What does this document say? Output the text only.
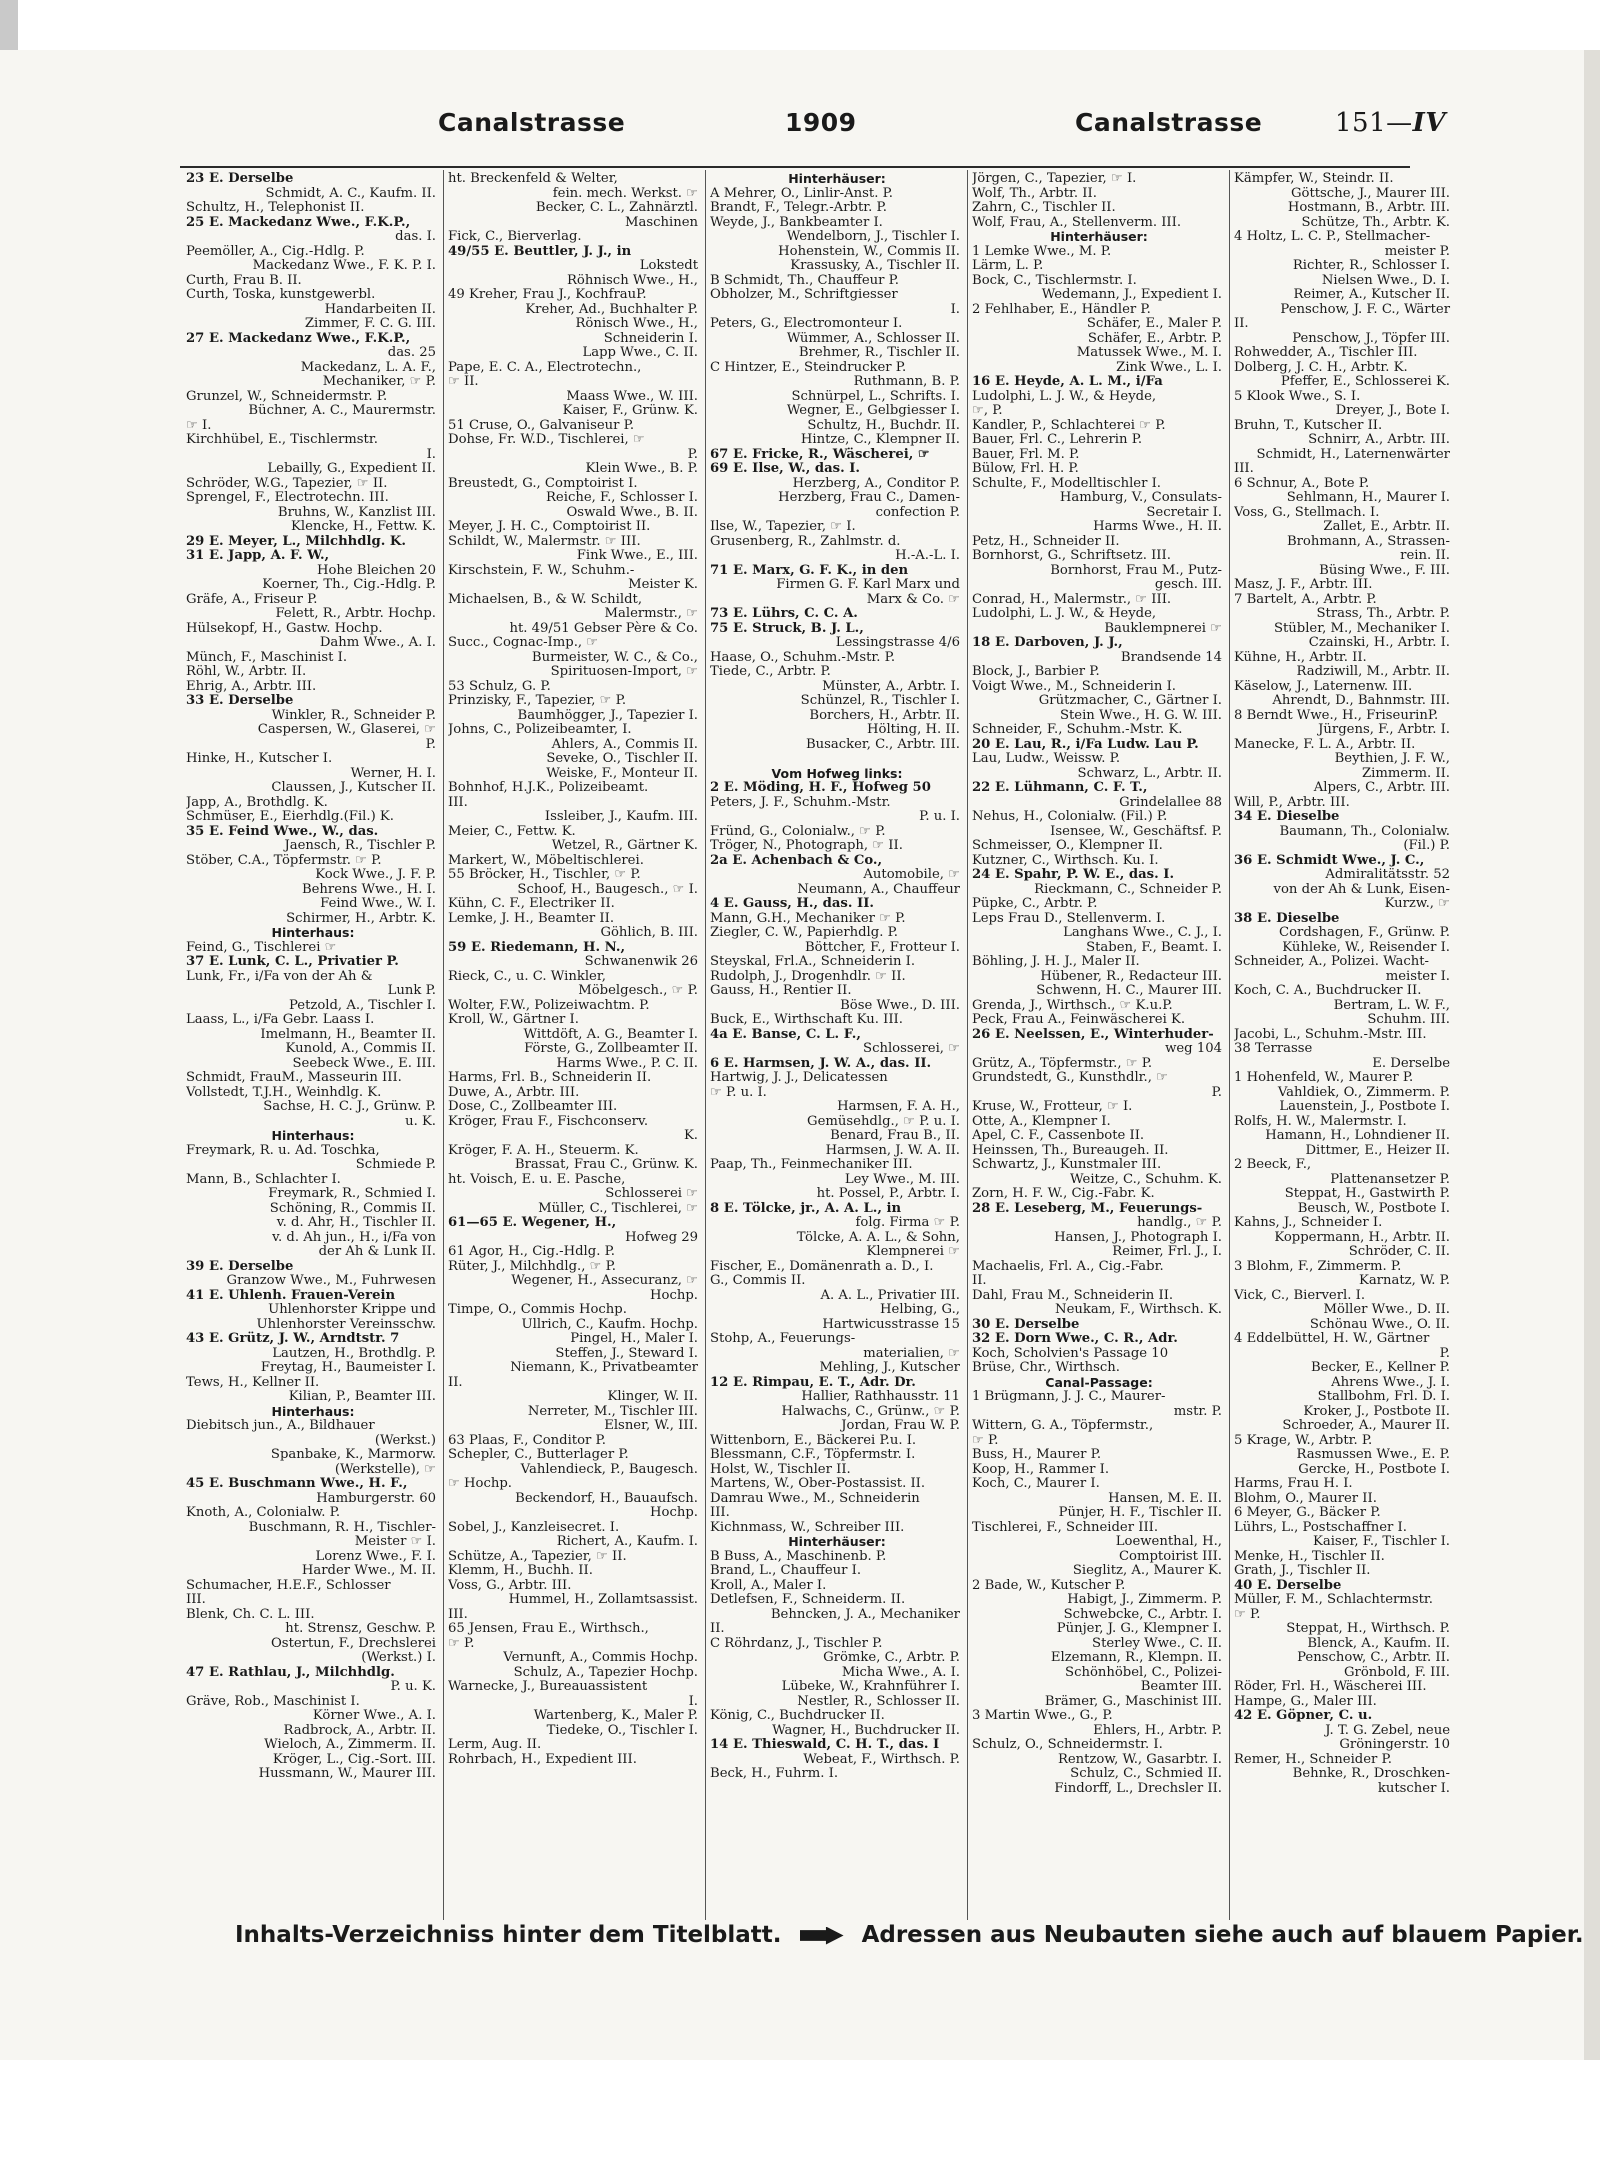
Canalstrasse	1909	Canalstrasse	151—IV
23 E. Derselbe
Schmidt, A. C., Kaufm. II.
Schultz, H., Telephonist II.
25 E. Mackedanz Wwe., F.K.P.,
das. I.
Peemöller, A., Cig.-Hdlg. P.
Mackedanz Wwe., F. K. P. I.
Curth, Frau B. II.
Curth, Toska, kunstgewerbl.
Handarbeiten II.
Zimmer, F. C. G. III.
27 E. Mackedanz Wwe., F.K.P.,
das. 25
Mackedanz, L. A. F.,
Mechaniker, ☞ P.
Grunzel, W., Schneidermstr. P.
Büchner, A. C., Maurermstr.
☞ I.
Kirchhübel, E., Tischlermstr.
I.
Lebailly, G., Expedient II.
Schröder, W.G., Tapezier, ☞ II.
Sprengel, F., Electrotechn. III.
Bruhns, W., Kanzlist III.
Klencke, H., Fettw. K.
29 E. Meyer, L., Milchhdlg. K.
31 E. Japp, A. F. W.,
Hohe Bleichen 20
Koerner, Th., Cig.-Hdlg. P.
Gräfe, A., Friseur P.
Felett, R., Arbtr. Hochp.
Hülsekopf, H., Gastw. Hochp.
Dahm Wwe., A. I.
Münch, F., Maschinist I.
Röhl, W., Arbtr. II.
Ehrig, A., Arbtr. III.
33 E. Derselbe
Winkler, R., Schneider P.
Caspersen, W., Glaserei, ☞
P.
Hinke, H., Kutscher I.
Werner, H. I.
Claussen, J., Kutscher II.
Japp, A., Brothdlg. K.
Schmüser, E., Eierhdlg.(Fil.) K.
35 E. Feind Wwe., W., das.
Jaensch, R., Tischler P.
Stöber, C.A., Töpfermstr. ☞ P.
Kock Wwe., J. F. P.
Behrens Wwe., H. I.
Feind Wwe., W. I.
Schirmer, H., Arbtr. K.
Hinterhaus:
Feind, G., Tischlerei ☞
37 E. Lunk, C. L., Privatier P.
Lunk, Fr., i/Fa von der Ah &
Lunk P.
Petzold, A., Tischler I.
Laass, L., i/Fa Gebr. Laass I.
Imelmann, H., Beamter II.
Kunold, A., Commis II.
Seebeck Wwe., E. III.
Schmidt, FrauM., Masseurin III.
Vollstedt, T.J.H., Weinhdlg. K.
Sachse, H. C. J., Grünw. P.
u. K.
Hinterhaus:
Freymark, R. u. Ad. Toschka,
Schmiede P.
Mann, B., Schlachter I.
Freymark, R., Schmied I.
Schöning, R., Commis II.
v. d. Ahr, H., Tischler II.
v. d. Ah jun., H., i/Fa von
der Ah & Lunk II.
39 E. Derselbe
Granzow Wwe., M., Fuhrwesen
41 E. Uhlenh. Frauen-Verein
Uhlenhorster Krippe und
Uhlenhorster Vereinsschw.
43 E. Grütz, J. W., Arndtstr. 7
Lautzen, H., Brothdlg. P.
Freytag, H., Baumeister I.
Tews, H., Kellner II.
Kilian, P., Beamter III.
Hinterhaus:
Diebitsch jun., A., Bildhauer
(Werkst.)
Spanbake, K., Marmorw.
(Werkstelle), ☞
45 E. Buschmann Wwe., H. F.,
Hamburgerstr. 60
Knoth, A., Colonialw. P.
Buschmann, R. H., Tischler-
Meister ☞ I.
Lorenz Wwe., F. I.
Harder Wwe., M. II.
Schumacher, H.E.F., Schlosser
III.
Blenk, Ch. C. L. III.
ht. Strensz, Geschw. P.
Ostertun, F., Drechslerei
(Werkst.) I.
47 E. Rathlau, J., Milchhdlg.
P. u. K.
Gräve, Rob., Maschinist I.
Körner Wwe., A. I.
Radbrock, A., Arbtr. II.
Wieloch, A., Zimmerm. II.
Kröger, L., Cig.-Sort. III.
Hussmann, W., Maurer III.
ht. Breckenfeld & Welter,
fein. mech. Werkst. ☞
Becker, C. L., Zahnärztl.
Maschinen
Fick, C., Bierverlag.
49/55 E. Beuttler, J. J., in
Lokstedt
Röhnisch Wwe., H.,
49 Kreher, Frau J., KochfrauP.
Kreher, Ad., Buchhalter P.
Rönisch Wwe., H.,
Schneiderin I.
Lapp Wwe., C. II.
Pape, E. C. A., Electrotechn.,
☞ II.
Maass Wwe., W. III.
Kaiser, F., Grünw. K.
51 Cruse, O., Galvaniseur P.
Dohse, Fr. W.D., Tischlerei, ☞
P.
Klein Wwe., B. P.
Breustedt, G., Comptoirist I.
Reiche, F., Schlosser I.
Oswald Wwe., B. II.
Meyer, J. H. C., Comptoirist II.
Schildt, W., Malermstr. ☞ III.
Fink Wwe., E., III.
Kirschstein, F. W., Schuhm.-
Meister K.
Michaelsen, B., & W. Schildt,
Malermstr., ☞
ht. 49/51 Gebser Père & Co.
Succ., Cognac-Imp., ☞
Burmeister, W. C., & Co.,
Spirituosen-Import, ☞
53 Schulz, G. P.
Prinzisky, F., Tapezier, ☞ P.
Baumhögger, J., Tapezier I.
Johns, C., Polizeibeamter, I.
Ahlers, A., Commis II.
Seveke, O., Tischler II.
Weiske, F., Monteur II.
Bohnhof, H.J.K., Polizeibeamt.
III.
Issleiber, J., Kaufm. III.
Meier, C., Fettw. K.
Wetzel, R., Gärtner K.
Markert, W., Möbeltischlerei.
55 Bröcker, H., Tischler, ☞ P.
Schoof, H., Baugesch., ☞ I.
Kühn, C. F., Electriker II.
Lemke, J. H., Beamter II.
Göhlich, B. III.
59 E. Riedemann, H. N.,
Schwanenwik 26
Rieck, C., u. C. Winkler,
Möbelgesch., ☞ P.
Wolter, F.W., Polizeiwachtm. P.
Kroll, W., Gärtner I.
Wittdöft, A. G., Beamter I.
Förste, G., Zollbeamter II.
Harms Wwe., P. C. II.
Harms, Frl. B., Schneiderin II.
Duwe, A., Arbtr. III.
Dose, C., Zollbeamter III.
Kröger, Frau F., Fischconserv.
K.
Kröger, F. A. H., Steuerm. K.
Brassat, Frau C., Grünw. K.
ht. Voisch, E. u. E. Pasche,
Schlosserei ☞
Müller, C., Tischlerei, ☞
61—65 E. Wegener, H.,
Hofweg 29
61 Agor, H., Cig.-Hdlg. P.
Rüter, J., Milchhdlg., ☞ P.
Wegener, H., Assecuranz, ☞
Hochp.
Timpe, O., Commis Hochp.
Ullrich, C., Kaufm. Hochp.
Pingel, H., Maler I.
Steffen, J., Steward I.
Niemann, K., Privatbeamter
II.
Klinger, W. II.
Nerreter, M., Tischler III.
Elsner, W., III.
63 Plaas, F., Conditor P.
Schepler, C., Butterlager P.
Vahlendieck, P., Baugesch.
☞ Hochp.
Beckendorf, H., Bauaufsch.
Hochp.
Sobel, J., Kanzleisecret. I.
Richert, A., Kaufm. I.
Schütze, A., Tapezier, ☞ II.
Klemm, H., Buchh. II.
Voss, G., Arbtr. III.
Hummel, H., Zollamtsassist.
III.
65 Jensen, Frau E., Wirthsch.,
☞ P.
Vernunft, A., Commis Hochp.
Schulz, A., Tapezier Hochp.
Warnecke, J., Bureauassistent
I.
Wartenberg, K., Maler P.
Tiedeke, O., Tischler I.
Lerm, Aug. II.
Rohrbach, H., Expedient III.
Hinterhäuser:
A Mehrer, O., Linlir-Anst. P.
Brandt, F., Telegr.-Arbtr. P.
Weyde, J., Bankbeamter I.
Wendelborn, J., Tischler I.
Hohenstein, W., Commis II.
Krassusky, A., Tischler II.
B Schmidt, Th., Chauffeur P.
Obholzer, M., Schriftgiesser
I.
Peters, G., Electromonteur I.
Wümmer, A., Schlosser II.
Brehmer, R., Tischler II.
C Hintzer, E., Steindrucker P.
Ruthmann, B. P.
Schnürpel, L., Schrifts. I.
Wegner, E., Gelbgiesser I.
Schultz, H., Buchdr. II.
Hintze, C., Klempner II.
67 E. Fricke, R., Wäscherei, ☞
69 E. Ilse, W., das. I.
Herzberg, A., Conditor P.
Herzberg, Frau C., Damen-
confection P.
Ilse, W., Tapezier, ☞ I.
Grusenberg, R., Zahlmstr. d.
H.-A.-L. I.
71 E. Marx, G. F. K., in den
Firmen G. F. Karl Marx und
Marx & Co. ☞
73 E. Lührs, C. C. A.
75 E. Struck, B. J. L.,
Lessingstrasse 4/6
Haase, O., Schuhm.-Mstr. P.
Tiede, C., Arbtr. P.
Münster, A., Arbtr. I.
Schünzel, R., Tischler I.
Borchers, H., Arbtr. II.
Hölting, H. II.
Busacker, C., Arbtr. III.
Vom Hofweg links:
2 E. Möding, H. F., Hofweg 50
Peters, J. F., Schuhm.-Mstr.
P. u. I.
Fründ, G., Colonialw., ☞ P.
Tröger, N., Photograph, ☞ II.
2a E. Achenbach & Co.,
Automobile, ☞
Neumann, A., Chauffeur
4 E. Gauss, H., das. II.
Mann, G.H., Mechaniker ☞ P.
Ziegler, C. W., Papierhdlg. P.
Böttcher, F., Frotteur I.
Steyskal, Frl.A., Schneiderin I.
Rudolph, J., Drogenhdlr. ☞ II.
Gauss, H., Rentier II.
Böse Wwe., D. III.
Buck, E., Wirthschaft Ku. III.
4a E. Banse, C. L. F.,
Schlosserei, ☞
6 E. Harmsen, J. W. A., das. II.
Hartwig, J. J., Delicatessen
☞ P. u. I.
Harmsen, F. A. H.,
Gemüsehdlg., ☞ P. u. I.
Benard, Frau B., II.
Harmsen, J. W. A. II.
Paap, Th., Feinmechaniker III.
Ley Wwe., M. III.
ht. Possel, P., Arbtr. I.
8 E. Tölcke, jr., A. A. L., in
folg. Firma ☞ P.
Tölcke, A. A. L., & Sohn,
Klempnerei ☞
Fischer, E., Domänenrath a. D., I.
G., Commis II.
A. A. L., Privatier III.
Helbing, G.,
Hartwicusstrasse 15
Stohp, A., Feuerungs-
materialien, ☞
Mehling, J., Kutscher
12 E. Rimpau, E. T., Adr. Dr.
Hallier, Rathhausstr. 11
Halwachs, C., Grünw., ☞ P.
Jordan, Frau W. P.
Wittenborn, E., Bäckerei P.u. I.
Blessmann, C.F., Töpfermstr. I.
Holst, W., Tischler II.
Martens, W., Ober-Postassist. II.
Damrau Wwe., M., Schneiderin
III.
Kichnmass, W., Schreiber III.
Hinterhäuser:
B Buss, A., Maschinenb. P.
Brand, L., Chauffeur I.
Kroll, A., Maler I.
Detlefsen, F., Schneiderm. II.
Behncken, J. A., Mechaniker
II.
C Röhrdanz, J., Tischler P.
Grömke, C., Arbtr. P.
Micha Wwe., A. I.
Lübeke, W., Krahnführer I.
Nestler, R., Schlosser II.
König, C., Buchdrucker II.
Wagner, H., Buchdrucker II.
14 E. Thieswald, C. H. T., das. I
Webeat, F., Wirthsch. P.
Beck, H., Fuhrm. I.
Jörgen, C., Tapezier, ☞ I.
Wolf, Th., Arbtr. II.
Zahrn, C., Tischler II.
Wolf, Frau, A., Stellenverm. III.
Hinterhäuser:
1 Lemke Wwe., M. P.
Lärm, L. P.
Bock, C., Tischlermstr. I.
Wedemann, J., Expedient I.
2 Fehlhaber, E., Händler P.
Schäfer, E., Maler P.
Schäfer, E., Arbtr. P.
Matussek Wwe., M. I.
Zink Wwe., L. I.
16 E. Heyde, A. L. M., i/Fa
Ludolphi, L. J. W., & Heyde,
☞, P.
Kandler, P., Schlachterei ☞ P.
Bauer, Frl. C., Lehrerin P.
Bauer, Frl. M. P.
Bülow, Frl. H. P.
Schulte, F., Modelltischler I.
Hamburg, V., Consulats-
Secretair I.
Harms Wwe., H. II.
Petz, H., Schneider II.
Bornhorst, G., Schriftsetz. III.
Bornhorst, Frau M., Putz-
gesch. III.
Conrad, H., Malermstr., ☞ III.
Ludolphi, L. J. W., & Heyde,
Bauklempnerei ☞
18 E. Darboven, J. J.,
Brandsende 14
Block, J., Barbier P.
Voigt Wwe., M., Schneiderin I.
Grützmacher, C., Gärtner I.
Stein Wwe., H. G. W. III.
Schneider, F., Schuhm.-Mstr. K.
20 E. Lau, R., i/Fa Ludw. Lau P.
Lau, Ludw., Weissw. P.
Schwarz, L., Arbtr. II.
22 E. Lühmann, C. F. T.,
Grindelallee 88
Nehus, H., Colonialw. (Fil.) P.
Isensee, W., Geschäftsf. P.
Schmeisser, O., Klempner II.
Kutzner, C., Wirthsch. Ku. I.
24 E. Spahr, P. W. E., das. I.
Rieckmann, C., Schneider P.
Püpke, C., Arbtr. P.
Leps Frau D., Stellenverm. I.
Langhans Wwe., C. J., I.
Staben, F., Beamt. I.
Böhling, J. H. J., Maler II.
Hübener, R., Redacteur III.
Schwenn, H. C., Maurer III.
Grenda, J., Wirthsch., ☞ K.u.P.
Peck, Frau A., Feinwäscherei K.
26 E. Neelssen, E., Winterhuder-
weg 104
Grütz, A., Töpfermstr., ☞ P.
Grundstedt, G., Kunsthdlr., ☞
P.
Kruse, W., Frotteur, ☞ I.
Otte, A., Klempner I.
Apel, C. F., Cassenbote II.
Heinssen, Th., Bureaugeh. II.
Schwartz, J., Kunstmaler III.
Weitze, C., Schuhm. K.
Zorn, H. F. W., Cig.-Fabr. K.
28 E. Leseberg, M., Feuerungs-
handlg., ☞ P.
Hansen, J., Photograph I.
Reimer, Frl. J., I.
Machaelis, Frl. A., Cig.-Fabr.
II.
Dahl, Frau M., Schneiderin II.
Neukam, F., Wirthsch. K.
30 E. Derselbe
32 E. Dorn Wwe., C. R., Adr.
Koch, Scholvien's Passage 10
Brüse, Chr., Wirthsch.
Canal-Passage:
1 Brügmann, J. J. C., Maurer-
mstr. P.
Wittern, G. A., Töpfermstr.,
☞ P.
Buss, H., Maurer P.
Koop, H., Rammer I.
Koch, C., Maurer I.
Hansen, M. E. II.
Pünjer, H. F., Tischler II.
Tischlerei, F., Schneider III.
Loewenthal, H.,
Comptoirist III.
Sieglitz, A., Maurer K.
2 Bade, W., Kutscher P.
Habigt, J., Zimmerm. P.
Schwebcke, C., Arbtr. I.
Pünjer, J. G., Klempner I.
Sterley Wwe., C. II.
Elzemann, R., Klempn. II.
Schönhöbel, C., Polizei-
Beamter III.
Brämer, G., Maschinist III.
3 Martin Wwe., G., P.
Ehlers, H., Arbtr. P.
Schulz, O., Schneidermstr. I.
Rentzow, W., Gasarbtr. I.
Schulz, C., Schmied II.
Findorff, L., Drechsler II.
Kämpfer, W., Steindr. II.
Göttsche, J., Maurer III.
Hostmann, B., Arbtr. III.
Schütze, Th., Arbtr. K.
4 Holtz, L. C. P., Stellmacher-
meister P.
Richter, R., Schlosser I.
Nielsen Wwe., D. I.
Reimer, A., Kutscher II.
Penschow, J. F. C., Wärter
II.
Penschow, J., Töpfer III.
Rohwedder, A., Tischler III.
Dolberg, J. C. H., Arbtr. K.
Pfeffer, E., Schlosserei K.
5 Klook Wwe., S. I.
Dreyer, J., Bote I.
Bruhn, T., Kutscher II.
Schnirr, A., Arbtr. III.
Schmidt, H., Laternenwärter
III.
6 Schnur, A., Bote P.
Sehlmann, H., Maurer I.
Voss, G., Stellmach. I.
Zallet, E., Arbtr. II.
Brohmann, A., Strassen-
rein. II.
Büsing Wwe., F. III.
Masz, J. F., Arbtr. III.
7 Bartelt, A., Arbtr. P.
Strass, Th., Arbtr. P.
Stübler, M., Mechaniker I.
Czainski, H., Arbtr. I.
Kühne, H., Arbtr. II.
Radziwill, M., Arbtr. II.
Käselow, J., Laternenw. III.
Ahrendt, D., Bahnmstr. III.
8 Berndt Wwe., H., FriseurinP.
Jürgens, F., Arbtr. I.
Manecke, F. L. A., Arbtr. II.
Beythien, J. F. W.,
Zimmerm. II.
Alpers, C., Arbtr. III.
Will, P., Arbtr. III.
34 E. Dieselbe
Baumann, Th., Colonialw.
(Fil.) P.
36 E. Schmidt Wwe., J. C.,
Admiralitätsstr. 52
von der Ah & Lunk, Eisen-
Kurzw., ☞
38 E. Dieselbe
Cordshagen, F., Grünw. P.
Kühleke, W., Reisender I.
Schneider, A., Polizei. Wacht-
meister I.
Koch, C. A., Buchdrucker II.
Bertram, L. W. F.,
Schuhm. III.
Jacobi, L., Schuhm.-Mstr. III.
38 Terrasse
E. Derselbe
1 Hohenfeld, W., Maurer P.
Vahldiek, O., Zimmerm. P.
Lauenstein, J., Postbote I.
Rolfs, H. W., Malermstr. I.
Hamann, H., Lohndiener II.
Dittmer, E., Heizer II.
2 Beeck, F.,
Plattenansetzer P.
Steppat, H., Gastwirth P.
Beusch, W., Postbote I.
Kahns, J., Schneider I.
Koppermann, H., Arbtr. II.
Schröder, C. II.
3 Blohm, F., Zimmerm. P.
Karnatz, W. P.
Vick, C., Bierverl. I.
Möller Wwe., D. II.
Schönau Wwe., O. II.
4 Eddelbüttel, H. W., Gärtner
P.
Becker, E., Kellner P.
Ahrens Wwe., J. I.
Stallbohm, Frl. D. I.
Kroker, J., Postbote II.
Schroeder, A., Maurer II.
5 Krage, W., Arbtr. P.
Rasmussen Wwe., E. P.
Gercke, H., Postbote I.
Harms, Frau H. I.
Blohm, O., Maurer II.
6 Meyer, G., Bäcker P.
Lührs, L., Postschaffner I.
Kaiser, F., Tischler I.
Menke, H., Tischler II.
Grath, J., Tischler II.
40 E. Derselbe
Müller, F. M., Schlachtermstr.
☞ P.
Steppat, H., Wirthsch. P.
Blenck, A., Kaufm. II.
Penschow, C., Arbtr. II.
Grönbold, F. III.
Röder, Frl. H., Wäscherei III.
Hampe, G., Maler III.
42 E. Göpner, C. u.
J. T. G. Zebel, neue
Gröningerstr. 10
Remer, H., Schneider P.
Behnke, R., Droschken-
kutscher I.
Inhalts-Verzeichniss hinter dem Titelblatt.	Adressen aus Neubauten siehe auch auf blauem Papier.
